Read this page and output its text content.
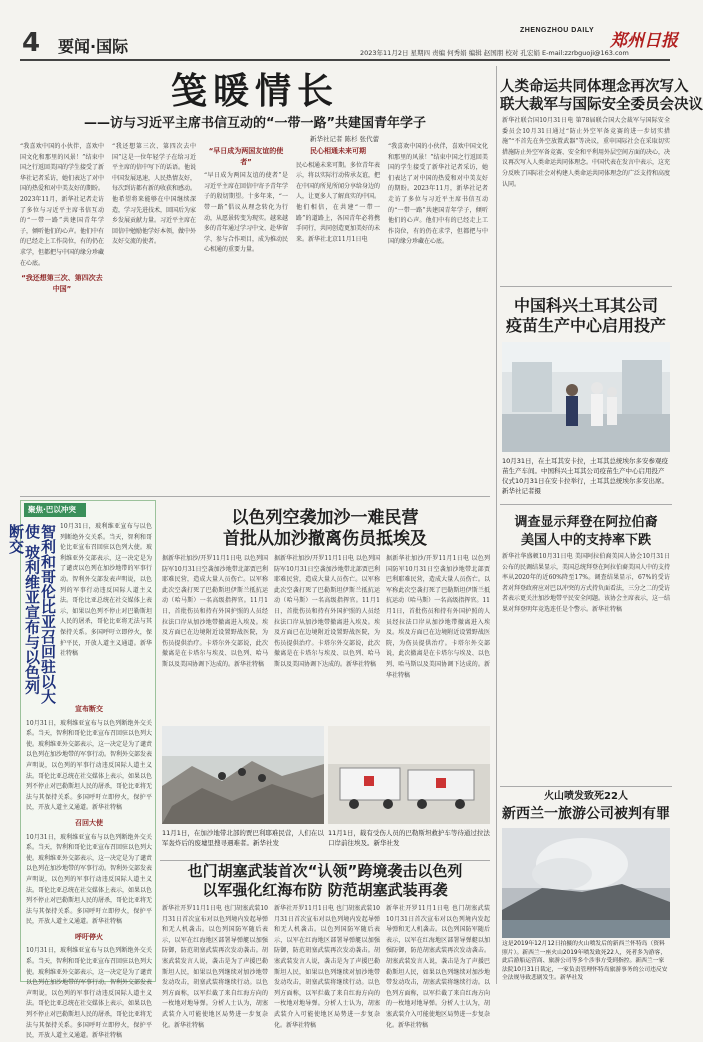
4 要闻·国际
ZHENGZHOU DAILY
郑州日报
2023年11月2日 星期四 责编 何秀娟 编辑 赵国朋 校对 孔宏娟 E-mail:zzrbguoji@163.com
笺暖情长
——访与习近平主席书信互动的“一带一路”共建国青年学子
新华社记者 陈杉 张代蕾
“我喜欢中国的小伙伴，喜欢中国文化和那里的风景！”结束中国之行返回美国的学生接受了新华社记者采访，她们表达了对中国的热爱和对中美友好的期盼。2023年11月，新华社记者走访了多位与习近平主席书信互动的“一带一路”共建国青年学子，倾听他们的心声。他们中有的已经走上工作岗位，有的仍在求学，但都把与中国的缘分珍藏在心底。
“我还想第三次、第四次去中国”
“我还想第三次、第四次去中国”这是一位年轻学子在给习近平主席的信中写下的话语。他说中国发展迅速，人民热情友好，每次到访都有新的收获和感动。他希望将来能够在中国继续深造，学习先进技术，回国后为家乡发展贡献力量。习近平主席在回信中勉励他学好本领，做中外友好交流的使者。
“早日成为两国友谊的使者”
“早日成为两国友谊的使者”是习近平主席在回信中寄予青年学子的殷切期望。十多年来，“一带一路”倡议从理念转化为行动，从愿景转变为现实。越来越多的青年通过学习中文、赴华留学、参与合作项目，成为推动民心相通的重要力量。
民心相通未来可期
民心相通未来可期。多位青年表示，将以实际行动传承友谊，把在中国的所见所闻分享给身边的人，让更多人了解真实的中国。他们相信，在共建“一带一路”的道路上，各国青年必将携手同行，共同创造更加美好的未来。新华社北京11月1日电
“我喜欢中国的小伙伴，喜欢中国文化和那里的风景！”结束中国之行返回美国的学生接受了新华社记者采访，她们表达了对中国的热爱和对中美友好的期盼。2023年11月，新华社记者走访了多位与习近平主席书信互动的“一带一路”共建国青年学子，倾听他们的心声。他们中有的已经走上工作岗位，有的仍在求学，但都把与中国的缘分珍藏在心底。
人类命运共同体理念再次写入
联大裁军与国际安全委员会决议
新华社联合国10月31日电 第78届联合国大会裁军与国际安全委员会10月31日通过“防止外空军备竞赛的进一步切实措施”“不首先在外空放置武器”等决议，重申国际社会在采取切实措施防止外空军备竞赛、安全和平利用外层空间方面的决心，决议再次写入人类命运共同体理念。中国代表在发言中表示，这充分反映了国际社会对构建人类命运共同体理念的广泛支持和高度认同。
中国科兴土耳其公司
疫苗生产中心启用投产
10月31日，在土耳其安卡拉，土耳其总统埃尔多安参观疫苗生产车间。中国科兴土耳其公司疫苗生产中心启用投产仪式10月31日在安卡拉举行，土耳其总统埃尔多安出席。新华社记者摄
聚焦·巴以冲突
智利和哥伦比亚召回驻以大使 玻利维亚宣布与以色列断交	10月31日，玻利维亚宣布与以色列断绝外交关系。当天，智利和哥伦比亚宣布召回驻以色列大使。玻利维亚外交部表示，这一决定是为了谴责以色列在加沙地带的军事行动。智利外交部发表声明说，以色列的军事行动违反国际人道主义法。哥伦比亚总统在社交媒体上表示，如果以色列不停止对巴勒斯坦人民的屠杀，哥伦比亚将无法与其保持关系。多国呼吁立即停火，保护平民，开放人道主义通道。新华社特稿
宣布断交
10月31日，玻利维亚宣布与以色列断绝外交关系。当天，智利和哥伦比亚宣布召回驻以色列大使。玻利维亚外交部表示，这一决定是为了谴责以色列在加沙地带的军事行动。智利外交部发表声明说，以色列的军事行动违反国际人道主义法。哥伦比亚总统在社交媒体上表示，如果以色列不停止对巴勒斯坦人民的屠杀，哥伦比亚将无法与其保持关系。多国呼吁立即停火，保护平民，开放人道主义通道。新华社特稿
召回大使
10月31日，玻利维亚宣布与以色列断绝外交关系。当天，智利和哥伦比亚宣布召回驻以色列大使。玻利维亚外交部表示，这一决定是为了谴责以色列在加沙地带的军事行动。智利外交部发表声明说，以色列的军事行动违反国际人道主义法。哥伦比亚总统在社交媒体上表示，如果以色列不停止对巴勒斯坦人民的屠杀，哥伦比亚将无法与其保持关系。多国呼吁立即停火，保护平民，开放人道主义通道。新华社特稿
呼吁停火
10月31日，玻利维亚宣布与以色列断绝外交关系。当天，智利和哥伦比亚宣布召回驻以色列大使。玻利维亚外交部表示，这一决定是为了谴责以色列在加沙地带的军事行动。智利外交部发表声明说，以色列的军事行动违反国际人道主义法。哥伦比亚总统在社交媒体上表示，如果以色列不停止对巴勒斯坦人民的屠杀，哥伦比亚将无法与其保持关系。多国呼吁立即停火，保护平民，开放人道主义通道。新华社特稿
以色列空袭加沙一难民营
首批从加沙撤离伤员抵埃及
据新华社加沙/开罗11月1日电 以色列国防军10月31日空袭加沙地带北部贾巴利耶难民营，造成大量人员伤亡。以军称此次空袭打死了巴勒斯坦伊斯兰抵抗运动（哈马斯）一名高级指挥官。11月1日，首批伤员和持有外国护照的人员经拉法口岸从加沙地带撤离进入埃及。埃及方面已在边境附近设置野战医院，为伤员提供治疗。卡塔尔外交部说，此次撤离是在卡塔尔与埃及、以色列、哈马斯以及美国协调下达成的。新华社特稿
据新华社加沙/开罗11月1日电 以色列国防军10月31日空袭加沙地带北部贾巴利耶难民营，造成大量人员伤亡。以军称此次空袭打死了巴勒斯坦伊斯兰抵抗运动（哈马斯）一名高级指挥官。11月1日，首批伤员和持有外国护照的人员经拉法口岸从加沙地带撤离进入埃及。埃及方面已在边境附近设置野战医院，为伤员提供治疗。卡塔尔外交部说，此次撤离是在卡塔尔与埃及、以色列、哈马斯以及美国协调下达成的。新华社特稿
据新华社加沙/开罗11月1日电 以色列国防军10月31日空袭加沙地带北部贾巴利耶难民营，造成大量人员伤亡。以军称此次空袭打死了巴勒斯坦伊斯兰抵抗运动（哈马斯）一名高级指挥官。11月1日，首批伤员和持有外国护照的人员经拉法口岸从加沙地带撤离进入埃及。埃及方面已在边境附近设置野战医院，为伤员提供治疗。卡塔尔外交部说，此次撤离是在卡塔尔与埃及、以色列、哈马斯以及美国协调下达成的。新华社特稿
11月1日，在加沙地带北部的贾巴利耶难民营，人们在以军轰炸后的废墟里搜寻遇难者。新华社发
11月1日，载有受伤人员的巴勒斯坦救护车等待通过拉法口岸前往埃及。新华社发
也门胡塞武装首次“认领”跨境袭击以色列
以军强化红海布防 防范胡塞武装再袭
新华社开罗11月1日电 也门胡塞武装10月31日首次宣布对以色列境内发起导弹和无人机袭击。以色列国防军随后表示，以军在红海地区部署导弹艇以加强防御，防范胡塞武装再次发动袭击。胡塞武装发言人说，袭击是为了声援巴勒斯坦人民，如果以色列继续对加沙地带发动攻击，胡塞武装将继续行动。以色列方面称，以军拦截了来自红海方向的一枚地对地导弹。分析人士认为，胡塞武装介入可能使地区局势进一步复杂化。新华社特稿
新华社开罗11月1日电 也门胡塞武装10月31日首次宣布对以色列境内发起导弹和无人机袭击。以色列国防军随后表示，以军在红海地区部署导弹艇以加强防御，防范胡塞武装再次发动袭击。胡塞武装发言人说，袭击是为了声援巴勒斯坦人民，如果以色列继续对加沙地带发动攻击，胡塞武装将继续行动。以色列方面称，以军拦截了来自红海方向的一枚地对地导弹。分析人士认为，胡塞武装介入可能使地区局势进一步复杂化。新华社特稿
新华社开罗11月1日电 也门胡塞武装10月31日首次宣布对以色列境内发起导弹和无人机袭击。以色列国防军随后表示，以军在红海地区部署导弹艇以加强防御，防范胡塞武装再次发动袭击。胡塞武装发言人说，袭击是为了声援巴勒斯坦人民，如果以色列继续对加沙地带发动攻击，胡塞武装将继续行动。以色列方面称，以军拦截了来自红海方向的一枚地对地导弹。分析人士认为，胡塞武装介入可能使地区局势进一步复杂化。新华社特稿
调查显示拜登在阿拉伯裔
美国人中的支持率下跌
新华社华盛顿10月31日电 美国阿拉伯裔美国人协会10月31日公布的民调结果显示，美国总统拜登在阿拉伯裔美国人中的支持率从2020年的近60%降至17%。调查结果显示，67%的受访者对拜登政府应对巴以冲突的方式持负面看法，三分之二的受访者表示更关注加沙地带平民安全问题。该协会主席表示，这一结果对拜登明年竞选连任是个警示。新华社特稿
火山喷发致死22人
新西兰一旅游公司被判有罪
这是2019年12月12日拍摄的火山喷发后的新西兰怀特岛（资料照片）。新西兰一座火山2019年喷发致死22人，死者多为游客，此后游船运营商、旅游公司等多个涉事方受到指控。新西兰一家法院10月31日裁定，一家负责管理怀特岛旅游事务的公司违反安全法规导致悲剧发生。新华社发
